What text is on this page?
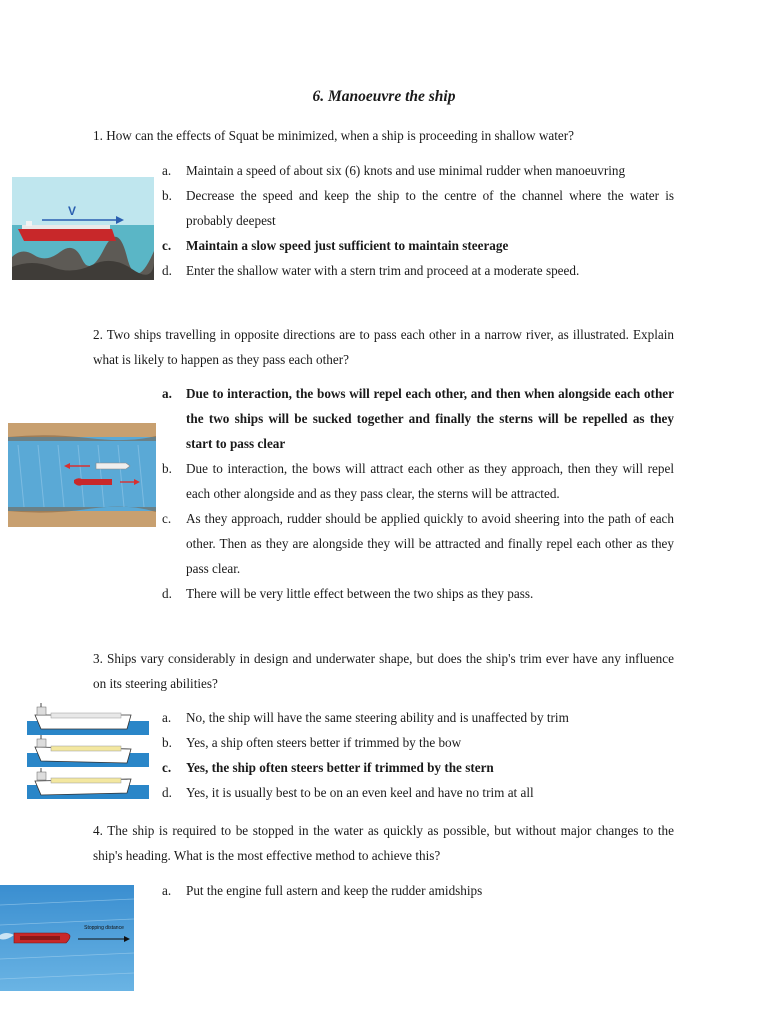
6. Manoeuvre the ship
1. How can the effects of Squat be minimized, when a ship is proceeding in shallow water?
V
a.	Maintain a speed of about six (6) knots and use minimal rudder when manoeuvring
b.	Decrease the speed and keep the ship to the centre of the channel where the water is probably deepest
c.	Maintain a slow speed just sufficient to maintain steerage
d.	Enter the shallow water with a stern trim and proceed at a moderate speed.
2. Two ships travelling in opposite directions are to pass each other in a narrow river, as illustrated. Explain what is likely to happen as they pass each other?
a.	Due to interaction, the bows will repel each other, and then when alongside each other the two ships will be sucked together and finally the sterns will be repelled as they start to pass clear
b.	Due to interaction, the bows will attract each other as they approach, then they will repel each other alongside and as they pass clear, the sterns will be attracted.
c.	As they approach, rudder should be applied quickly to avoid sheering into the path of each other. Then as they are alongside they will be attracted and finally repel each other as they pass clear.
d.	There will be very little effect between the two ships as they pass.
3. Ships vary considerably in design and underwater shape, but does the ship's trim ever have any influence on its steering abilities?
a.	No, the ship will have the same steering ability and is unaffected by trim
b.	Yes, a ship often steers better if trimmed by the bow
c.	Yes, the ship often steers better if trimmed by the stern
d.	Yes, it is usually best to be on an even keel and have no trim at all
4. The ship is required to be stopped in the water as quickly as possible, but without major changes to the ship's heading. What is the most effective method to achieve this?
Stopping distance
a.	Put the engine full astern and keep the rudder amidships
